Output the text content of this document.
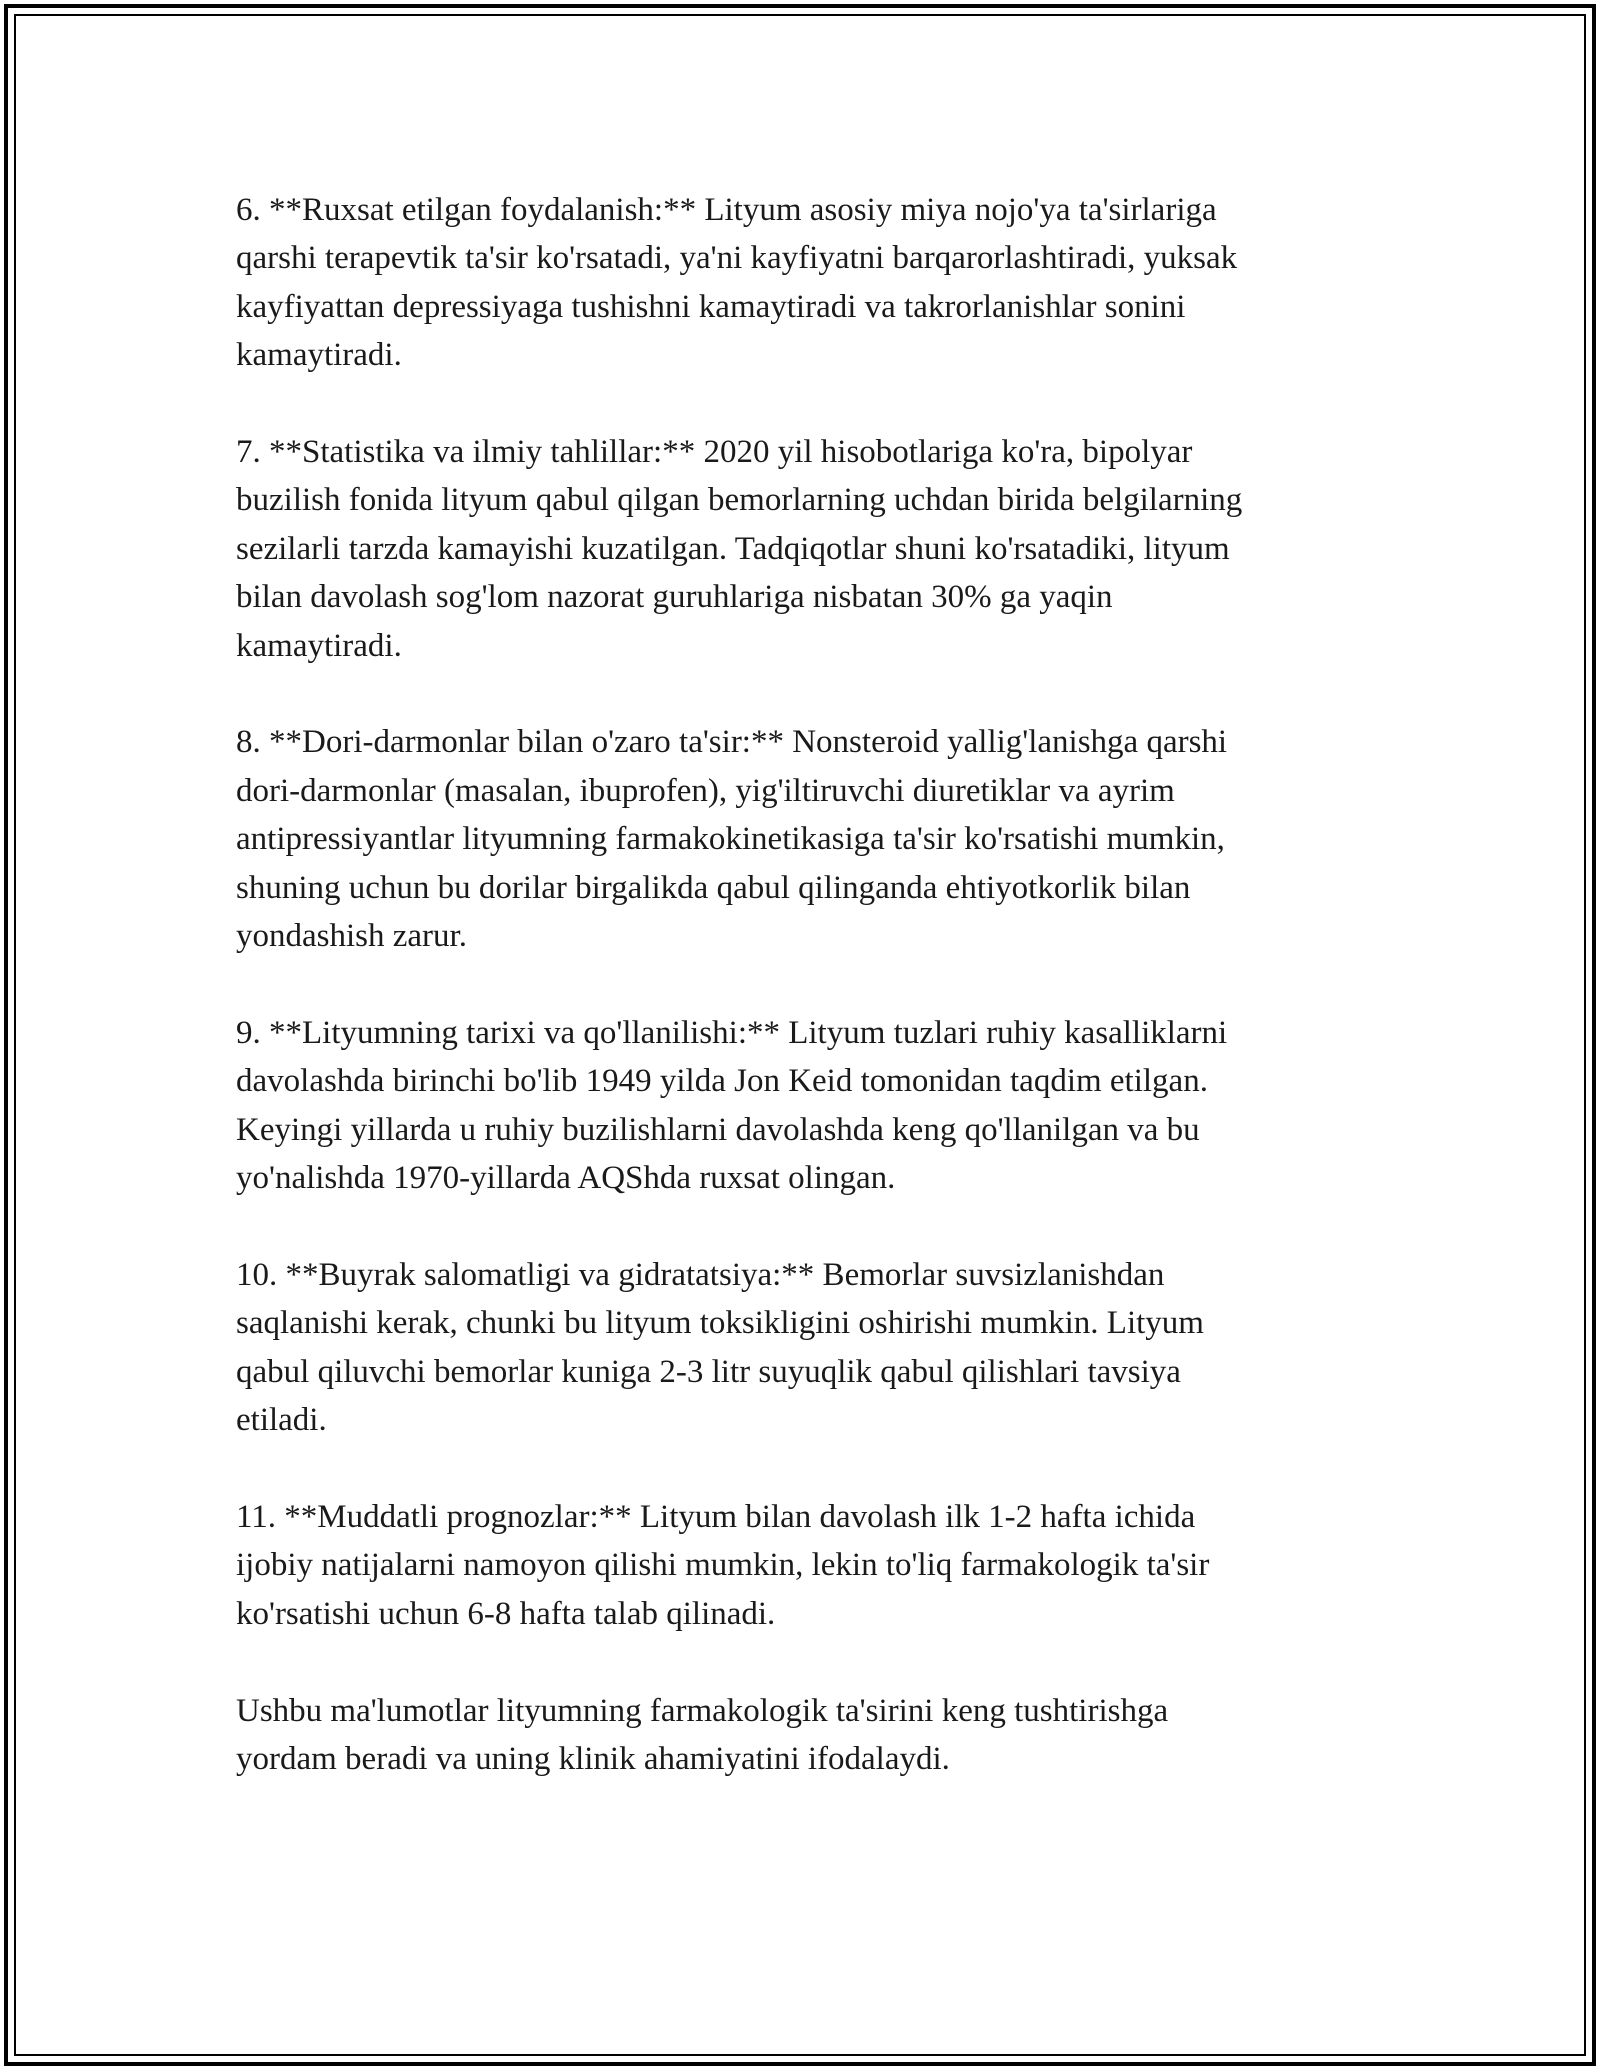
6. **Ruxsat etilgan foydalanish:** Lityum asosiy miya nojo'ya ta'sirlariga
qarshi terapevtik ta'sir ko'rsatadi, ya'ni kayfiyatni barqarorlashtiradi, yuksak
kayfiyattan depressiyaga tushishni kamaytiradi va takrorlanishlar sonini
kamaytiradi.

7. **Statistika va ilmiy tahlillar:** 2020 yil hisobotlariga ko'ra, bipolyar
buzilish fonida lityum qabul qilgan bemorlarning uchdan birida belgilarning
sezilarli tarzda kamayishi kuzatilgan. Tadqiqotlar shuni ko'rsatadiki, lityum
bilan davolash sog'lom nazorat guruhlariga nisbatan 30% ga yaqin
kamaytiradi.

8. **Dori-darmonlar bilan o'zaro ta'sir:** Nonsteroid yallig'lanishga qarshi
dori-darmonlar (masalan, ibuprofen), yig'iltiruvchi diuretiklar va ayrim
antipressiyantlar lityumning farmakokinetikasiga ta'sir ko'rsatishi mumkin,
shuning uchun bu dorilar birgalikda qabul qilinganda ehtiyotkorlik bilan
yondashish zarur.

9. **Lityumning tarixi va qo'llanilishi:** Lityum tuzlari ruhiy kasalliklarni
davolashda birinchi bo'lib 1949 yilda Jon Keid tomonidan taqdim etilgan.
Keyingi yillarda u ruhiy buzilishlarni davolashda keng qo'llanilgan va bu
yo'nalishda 1970-yillarda AQShda ruxsat olingan.

10. **Buyrak salomatligi va gidratatsiya:** Bemorlar suvsizlanishdan
saqlanishi kerak, chunki bu lityum toksikligini oshirishi mumkin. Lityum
qabul qiluvchi bemorlar kuniga 2-3 litr suyuqlik qabul qilishlari tavsiya
etiladi.

11. **Muddatli prognozlar:** Lityum bilan davolash ilk 1-2 hafta ichida
ijobiy natijalarni namoyon qilishi mumkin, lekin to'liq farmakologik ta'sir
ko'rsatishi uchun 6-8 hafta talab qilinadi.

Ushbu ma'lumotlar lityumning farmakologik ta'sirini keng tushtirishga
yordam beradi va uning klinik ahamiyatini ifodalaydi.
